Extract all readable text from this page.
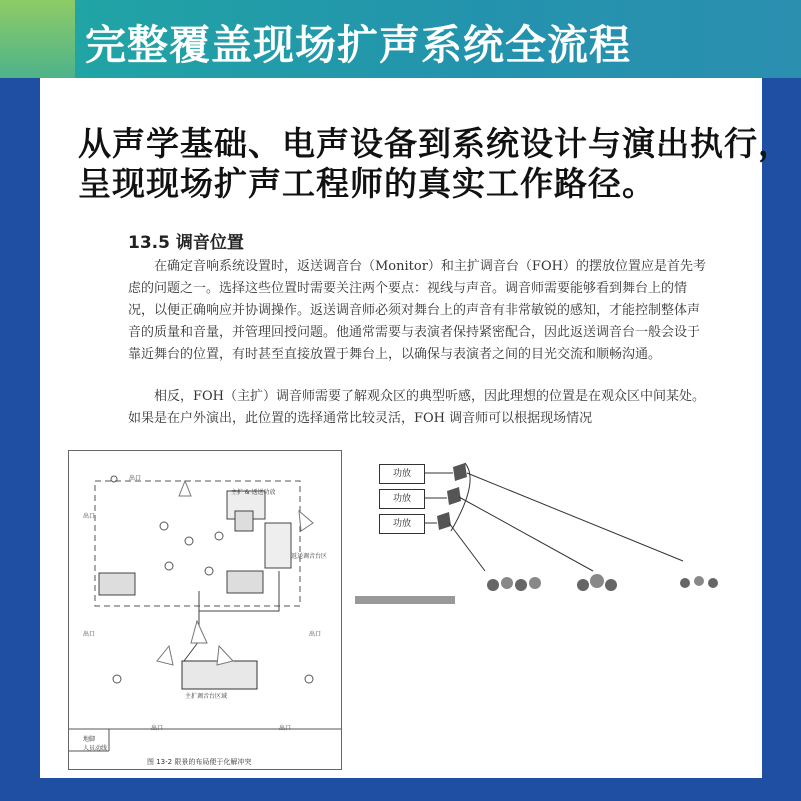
完整覆盖现场扩声系统全流程
从声学基础、电声设备到系统设计与演出执行，
呈现现场扩声工程师的真实工作路径。
13.5 调音位置

　　在确定音响系统设置时，返送调音台（Monitor）和主扩调音台（FOH）的摆放位置应是首先考虑的问题之一。选择这些位置时需要关注两个要点：视线与声音。调音师需要能够看到舞台上的情况，以便正确响应并协调操作。返送调音师必须对舞台上的声音有非常敏锐的感知，才能控制整体声音的质量和音量，并管理回授问题。他通常需要与表演者保持紧密配合，因此返送调音台一般会设于靠近舞台的位置，有时甚至直接放置于舞台上，以确保与表演者之间的目光交流和顺畅沟通。

　　相反，FOH（主扩）调音师需要了解观众区的典型听感，因此理想的位置是在观众区中间某处。如果是在户外演出，此位置的选择通常比较灵活，FOH 调音师可以根据现场情况

主扩 & 返送功放
返送调音台区
主扩调音台区域
出口
出口
出口	出口
出口	出口
地脚
人员动线
图 13-2 限景的布局便于化解冲突
功放
功放
功放
